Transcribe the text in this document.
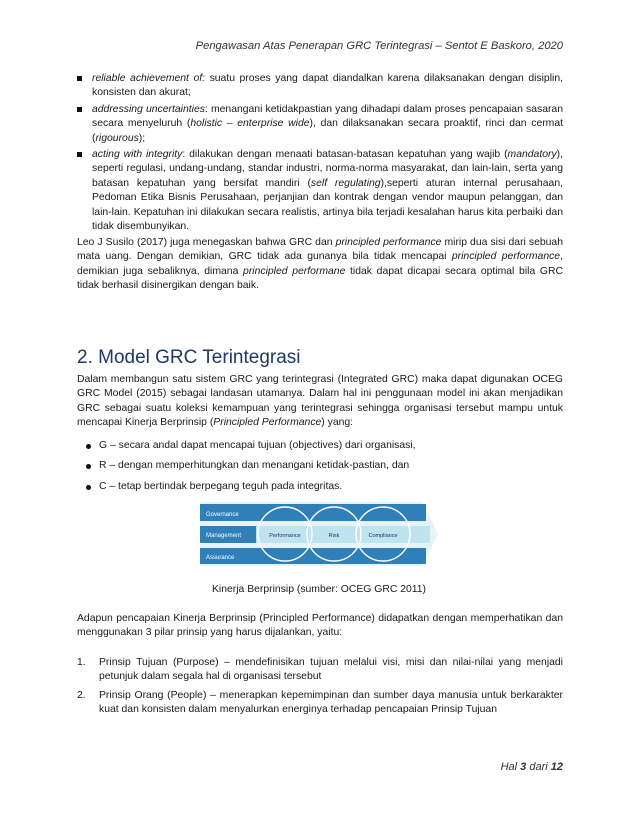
Pengawasan Atas Penerapan GRC Terintegrasi – Sentot E Baskoro, 2020
reliable achievement of: suatu proses yang dapat diandalkan karena dilaksanakan dengan disiplin, konsisten dan akurat;
addressing uncertainties: menangani ketidakpastian yang dihadapi dalam proses pencapaian sasaran secara menyeluruh (holistic – enterprise wide), dan dilaksanakan secara proaktif, rinci dan cermat (rigourous);
acting with integrity: dilakukan dengan menaati batasan-batasan kepatuhan yang wajib (mandatory), seperti regulasi, undang-undang, standar industri, norma-norma masyarakat, dan lain-lain, serta yang batasan kepatuhan yang bersifat mandiri (self regulating),seperti aturan internal perusahaan, Pedoman Etika Bisnis Perusahaan, perjanjian dan kontrak dengan vendor maupun pelanggan, dan lain-lain. Kepatuhan ini dilakukan secara realistis, artinya bila terjadi kesalahan harus kita perbaiki dan tidak disembunyikan.

Leo J Susilo (2017) juga menegaskan bahwa GRC dan principled performance mirip dua sisi dari sebuah mata uang. Dengan demikian, GRC tidak ada gunanya bila tidak mencapai principled performance, demikian juga sebaliknya, dimana principled performane tidak dapat dicapai secara optimal bila GRC tidak berhasil disinergikan dengan baik.

2. Model GRC Terintegrasi

Dalam membangun satu sistem GRC yang terintegrasi (Integrated GRC) maka dapat digunakan OCEG GRC Model (2015) sebagai landasan utamanya. Dalam hal ini penggunaan model ini akan menjadikan GRC sebagai suatu koleksi kemampuan yang terintegrasi sehingga organisasi tersebut mampu untuk mencapai Kinerja Berprinsip (Principled Performance) yang:

G – secara andal dapat mencapai tujuan (objectives) dari organisasi,
R – dengan memperhitungkan dan menangani ketidak-pastian, dan
C – tetap bertindak berpegang teguh pada integritas.
Governance
Management
Assurance
Performance	Risk	Compliance
Kinerja Berprinsip (sumber: OCEG GRC 2011)

Adapun pencapaian Kinerja Berprinsip (Principled Performance) didapatkan dengan memperhatikan dan menggunakan 3 pilar prinsip yang harus dijalankan, yaitu:

1. Prinsip Tujuan (Purpose) – mendefinisikan tujuan melalui visi, misi dan nilai-nilai yang menjadi petunjuk dalam segala hal di organisasi tersebut
2. Prinsip Orang (People) – menerapkan kepemimpinan dan sumber daya manusia untuk berkarakter kuat dan konsisten dalam menyalurkan energinya terhadap pencapaian Prinsip Tujuan
Hal 3 dari 12
